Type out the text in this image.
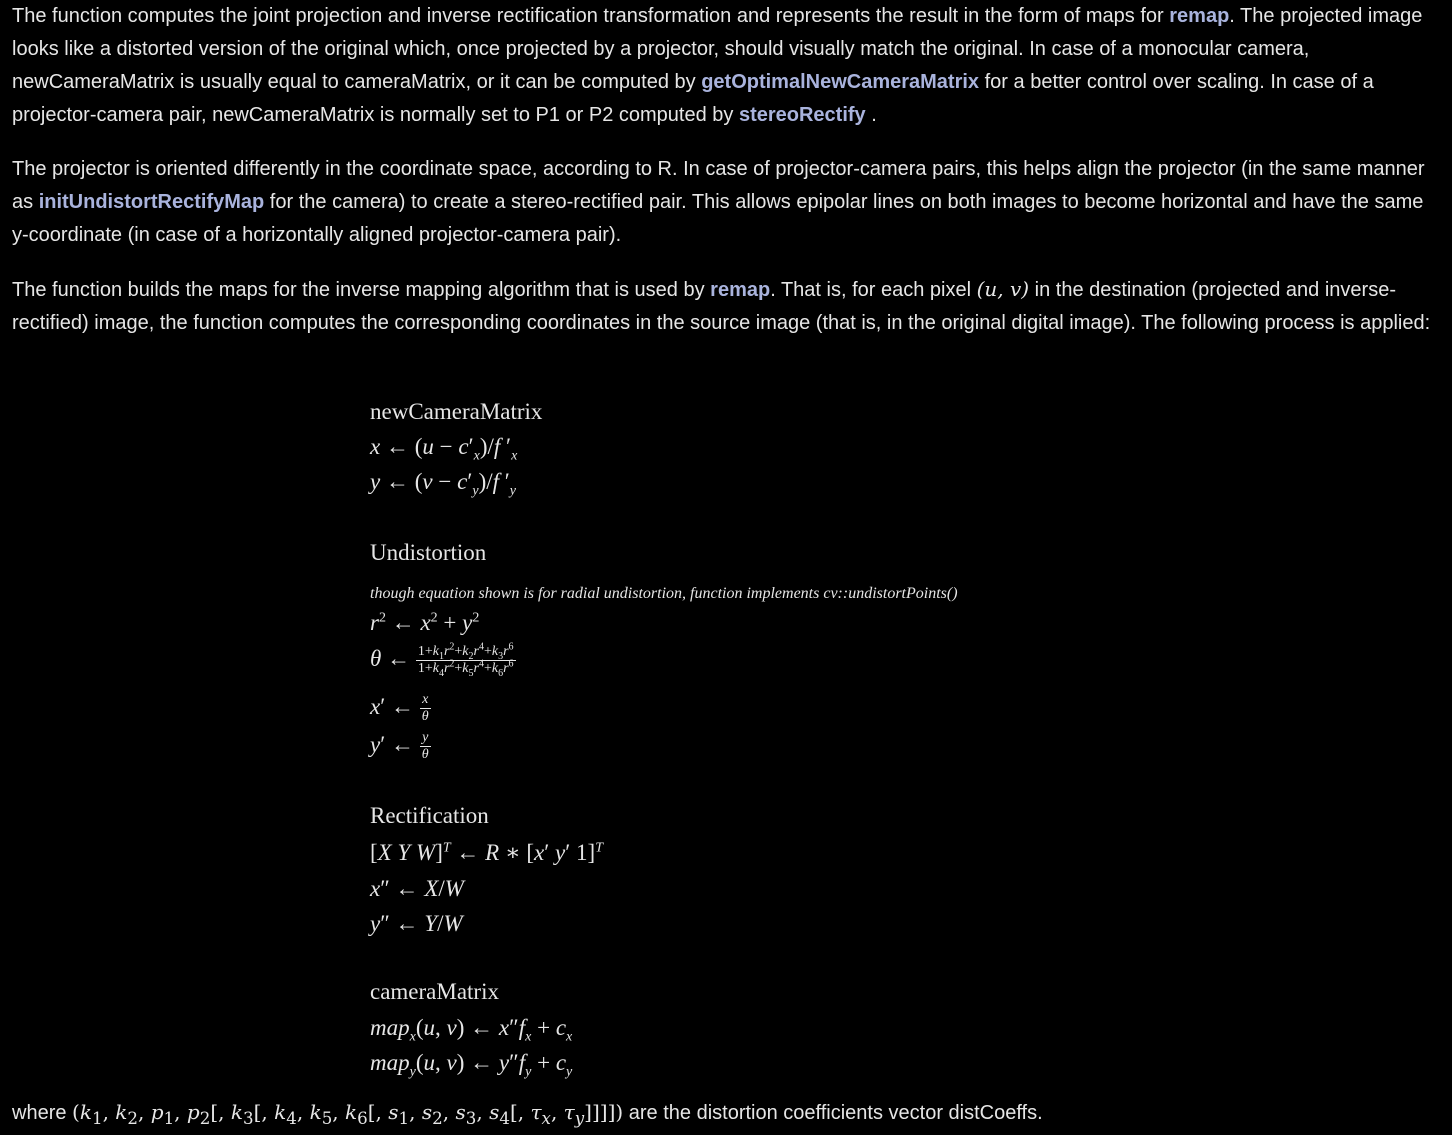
The function computes the joint projection and inverse rectification transformation and represents the result in the form of maps for remap. The projected image looks like a distorted version of the original which, once projected by a projector, should visually match the original. In case of a monocular camera, newCameraMatrix is usually equal to cameraMatrix, or it can be computed by getOptimalNewCameraMatrix for a better control over scaling. In case of a projector-camera pair, newCameraMatrix is normally set to P1 or P2 computed by stereoRectify .

The projector is oriented differently in the coordinate space, according to R. In case of projector-camera pairs, this helps align the projector (in the same manner as initUndistortRectifyMap for the camera) to create a stereo-rectified pair. This allows epipolar lines on both images to become horizontal and have the same y-coordinate (in case of a horizontally aligned projector-camera pair).

The function builds the maps for the inverse mapping algorithm that is used by remap. That is, for each pixel (u, v) in the destination (projected and inverse-rectified) image, the function computes the corresponding coordinates in the source image (that is, in the original digital image). The following process is applied:

newCameraMatrix
x ← $(u - c'_x)/f$ $'_x$
y ← $(v - c'_y)/f$ $'_y$
Undistortion
though equation shown is for radial undistortion, function implements cv::undistortPoints()
$r^2$ ← $x^2 + y^2$
θ ← $\frac{1+k_1r^2+k_2r^4+k_3r^6}{1+k_4r^2+k_5r^4+k_6r^6}$
x′ ← $\frac{x}{\theta}$
y′ ← $\frac{y}{\theta}$
Rectification
[X Y W]$^T$ ← R ∗ [x′ y′ 1]$^T$
x″ ← X/W
y″ ← Y/W
cameraMatrix
map$_x$(u, v) ← $x''f_x + c_x$
map$_y$(u, v) ← $y''f_y + c_y$
where ($k_1$, $k_2$, $p_1$, $p_2$[, $k_3$[, $k_4$, $k_5$, $k_6$[, $s_1$, $s_2$, $s_3$, $s_4$[, $\tau_x$, $\tau_y$]]]]) are the distortion coefficients vector distCoeffs.
